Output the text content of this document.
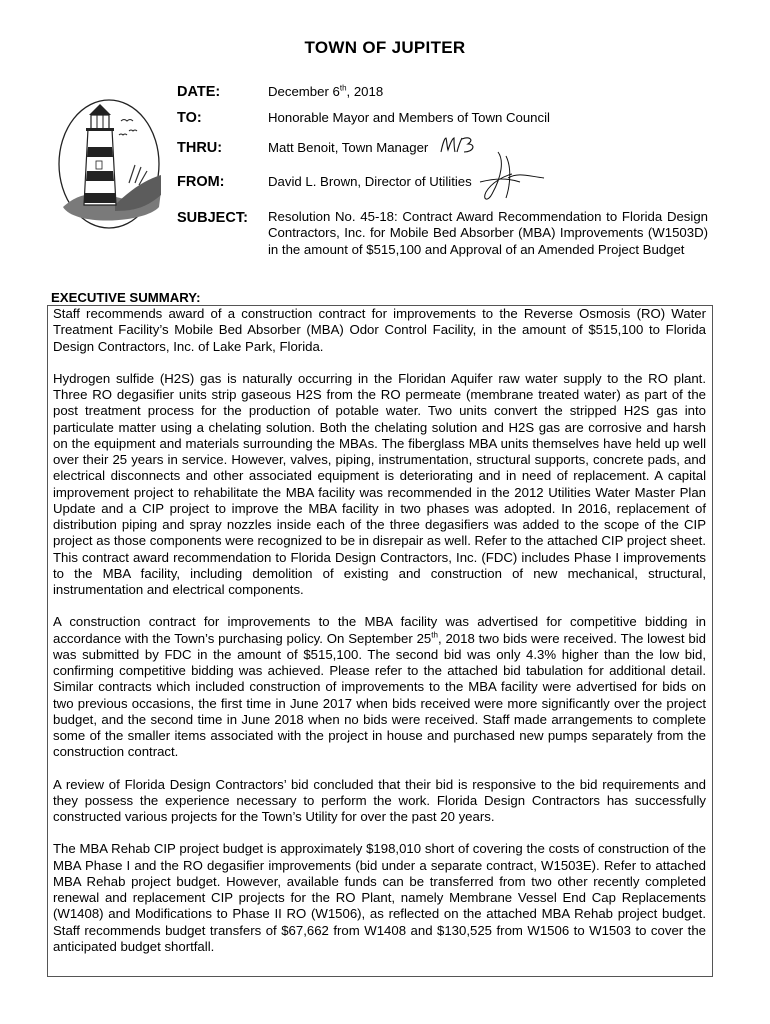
TOWN OF JUPITER
DATE:	December 6th, 2018
TO:	Honorable Mayor and Members of Town Council
THRU:	Matt Benoit, Town Manager
FROM:	David L. Brown, Director of Utilities
SUBJECT: Resolution No. 45-18: Contract Award Recommendation to Florida Design Contractors, Inc. for Mobile Bed Absorber (MBA) Improvements (W1503D) in the amount of $515,100 and Approval of an Amended Project Budget
EXECUTIVE SUMMARY:

Staff recommends award of a construction contract for improvements to the Reverse Osmosis (RO) Water Treatment Facility’s Mobile Bed Absorber (MBA) Odor Control Facility, in the amount of $515,100 to Florida Design Contractors, Inc. of Lake Park, Florida.

Hydrogen sulfide (H2S) gas is naturally occurring in the Floridan Aquifer raw water supply to the RO plant. Three RO degasifier units strip gaseous H2S from the RO permeate (membrane treated water) as part of the post treatment process for the production of potable water. Two units convert the stripped H2S gas into particulate matter using a chelating solution. Both the chelating solution and H2S gas are corrosive and harsh on the equipment and materials surrounding the MBAs. The fiberglass MBA units themselves have held up well over their 25 years in service. However, valves, piping, instrumentation, structural supports, concrete pads, and electrical disconnects and other associated equipment is deteriorating and in need of replacement. A capital improvement project to rehabilitate the MBA facility was recommended in the 2012 Utilities Water Master Plan Update and a CIP project to improve the MBA facility in two phases was adopted. In 2016, replacement of distribution piping and spray nozzles inside each of the three degasifiers was added to the scope of the CIP project as those components were recognized to be in disrepair as well. Refer to the attached CIP project sheet. This contract award recommendation to Florida Design Contractors, Inc. (FDC) includes Phase I improvements to the MBA facility, including demolition of existing and construction of new mechanical, structural, instrumentation and electrical components.

A construction contract for improvements to the MBA facility was advertised for competitive bidding in accordance with the Town’s purchasing policy. On September 25th, 2018 two bids were received. The lowest bid was submitted by FDC in the amount of $515,100. The second bid was only 4.3% higher than the low bid, confirming competitive bidding was achieved. Please refer to the attached bid tabulation for additional detail. Similar contracts which included construction of improvements to the MBA facility were advertised for bids on two previous occasions, the first time in June 2017 when bids received were more significantly over the project budget, and the second time in June 2018 when no bids were received. Staff made arrangements to complete some of the smaller items associated with the project in house and purchased new pumps separately from the construction contract.

A review of Florida Design Contractors’ bid concluded that their bid is responsive to the bid requirements and they possess the experience necessary to perform the work. Florida Design Contractors has successfully constructed various projects for the Town’s Utility for over the past 20 years.

The MBA Rehab CIP project budget is approximately $198,010 short of covering the costs of construction of the MBA Phase I and the RO degasifier improvements (bid under a separate contract, W1503E). Refer to attached MBA Rehab project budget. However, available funds can be transferred from two other recently completed renewal and replacement CIP projects for the RO Plant, namely Membrane Vessel End Cap Replacements (W1408) and Modifications to Phase II RO (W1506), as reflected on the attached MBA Rehab project budget. Staff recommends budget transfers of $67,662 from W1408 and $130,525 from W1506 to W1503 to cover the anticipated budget shortfall.
